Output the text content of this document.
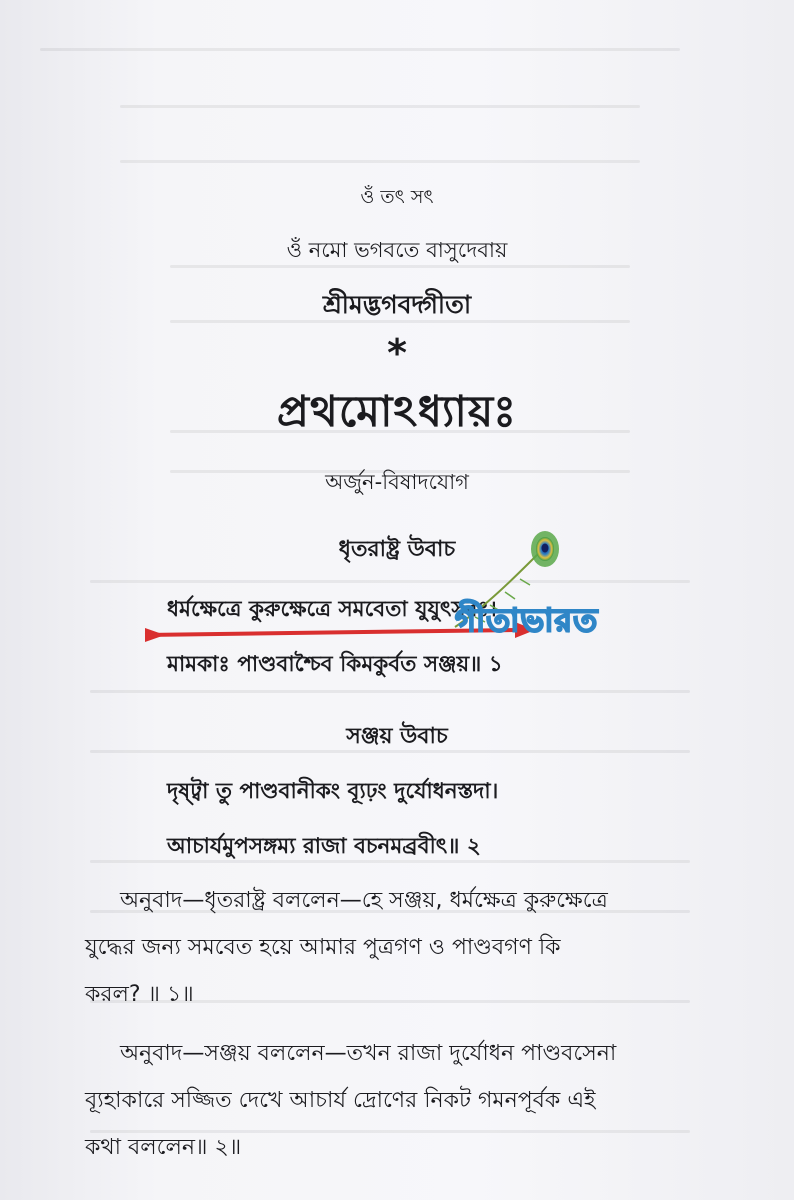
ওঁ তৎ সৎ
ওঁ নমো ভগবতে বাসুদেবায়
শ্রীমদ্ভগবদ্গীতা
*
প্রথমোঽধ্যায়ঃ
অর্জুন-বিষাদযোগ
ধৃতরাষ্ট্র উবাচ
ধর্মক্ষেত্রে কুরুক্ষেত্রে সমবেতা যুযুৎসবঃ।
মামকাঃ পাণ্ডবাশ্চৈব কিমকুর্বত সঞ্জয়॥ ১
সঞ্জয় উবাচ
দৃষ্ট্বা তু পাণ্ডবানীকং ব্যূঢ়ং দুর্যোধনস্তদা।
আচার্যমুপসঙ্গম্য রাজা বচনমব্রবীৎ॥ ২
অনুবাদ—ধৃতরাষ্ট্র বললেন—হে সঞ্জয়, ধর্মক্ষেত্র কুরুক্ষেত্রে
যুদ্ধের জন্য সমবেত হয়ে আমার পুত্রগণ ও পাণ্ডবগণ কি
করল? ॥ ১॥
অনুবাদ—সঞ্জয় বললেন—তখন রাজা দুর্যোধন পাণ্ডবসেনা
ব্যূহাকারে সজ্জিত দেখে আচার্য দ্রোণের নিকট গমনপূর্বক এই
কথা বললেন॥ ২॥
গীতাভারত
